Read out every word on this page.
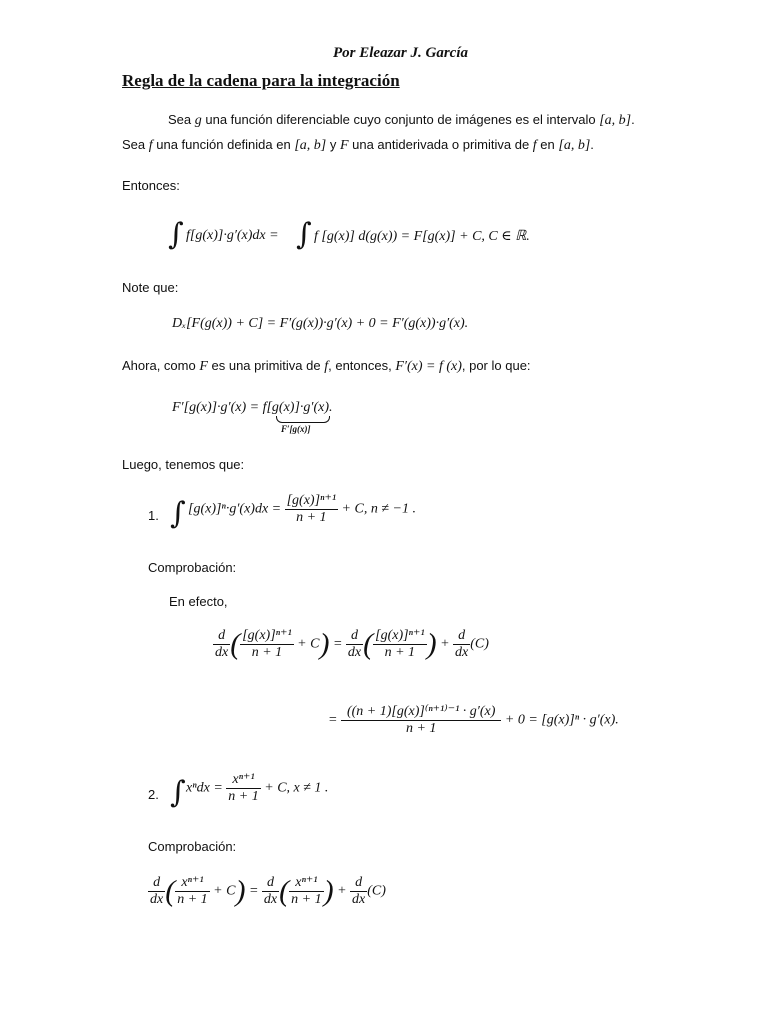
Por Eleazar J. García
Regla de la cadena para la integración
Sea g una función diferenciable cuyo conjunto de imágenes es el intervalo [a, b].
Sea f una función definida en [a, b] y F una antiderivada o primitiva de f en [a, b].
Entonces:
∫ f[g(x)]·g′(x)dx = ∫ f [g(x)] d(g(x)) = F[g(x)] + C, C ∈ ℝ.
Note que:
Dₓ[F(g(x)) + C] = F′(g(x))·g′(x) + 0 = F′(g(x))·g′(x).
Ahora, como F es una primitiva de f, entonces, F′(x) = f (x), por lo que:
F′[g(x)]·g′(x) = f[g(x)]·g′(x).
F′[g(x)]
Luego, tenemos que:
1. ∫ $[g(x)]^n\cdot g'(x)dx = \frac{\text{[g(x)]ⁿ⁺¹}}{n + 1} + C$, n ≠ −1 .
Comprobación:
En efecto,
$\frac{d}{dx}$ ( $\frac{\text{[g(x)]ⁿ⁺¹}}{n + 1} + C) = \frac{d}{dx}$ ( $\frac{\text{[g(x)]ⁿ⁺¹}}{n + 1}$ ) + $\frac{d}{dx} (C)$
= $\frac{\text{((n + 1)[g(x)]⁽ⁿ⁺¹⁾⁻¹ · g′(x)}}{n + 1} + 0 = [g(x)]^n \cdot g'(x)$.
2. ∫ $x^ndx = \frac{\text{xⁿ⁺¹}}{n + 1} + C$, x ≠ 1 .
Comprobación:
$\frac{d}{dx}$ ( $\frac{\text{xⁿ⁺¹}}{n + 1} + C) = \frac{d}{dx}$ ( $\frac{\text{xⁿ⁺¹}}{n + 1}$ ) + $\frac{d}{dx} (C)$
